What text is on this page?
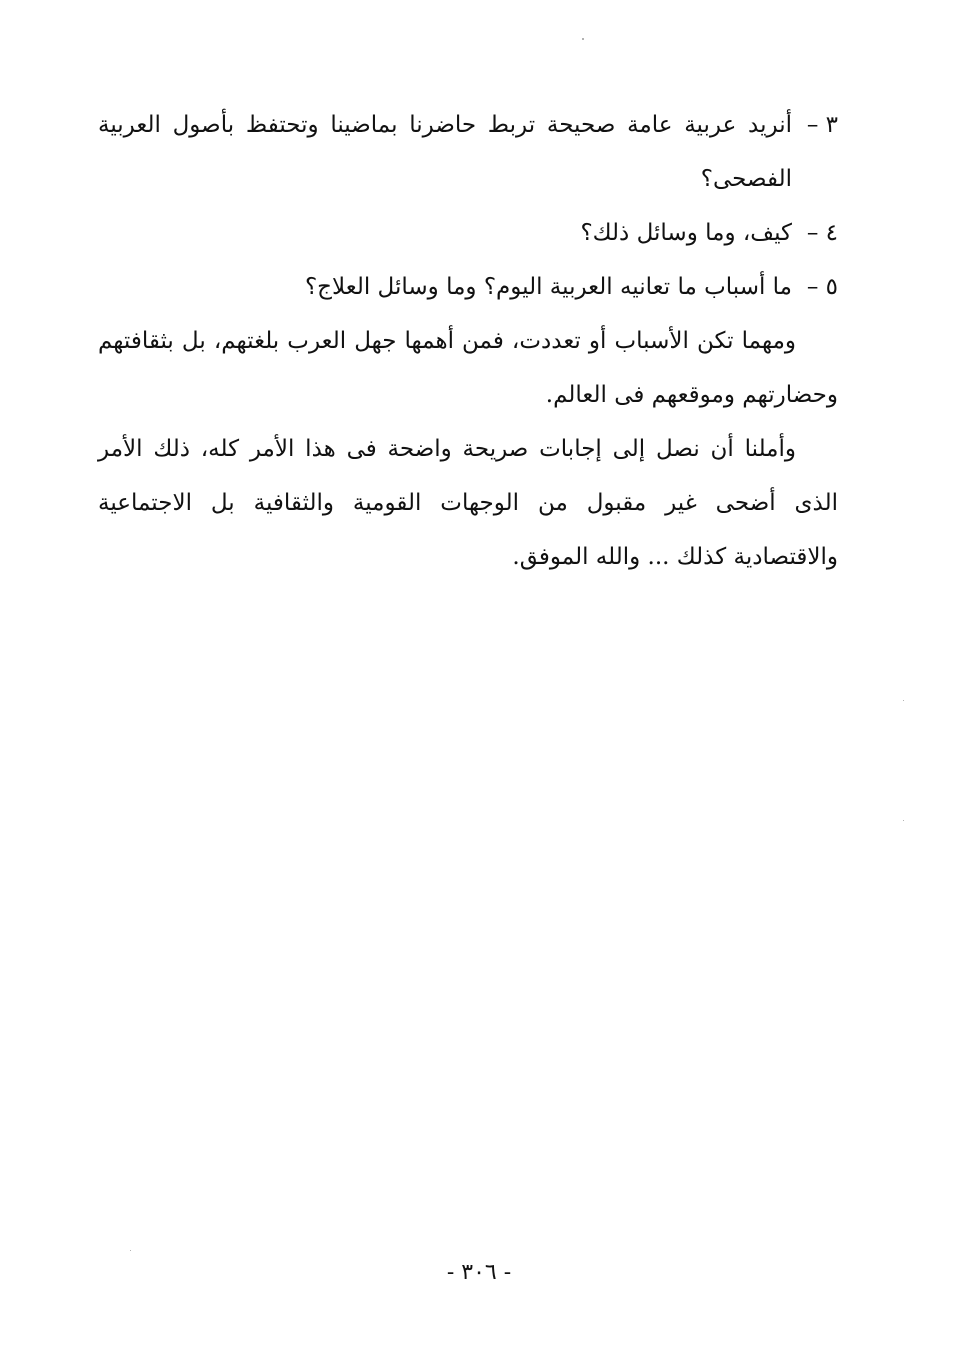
٣ –
أنريد عربية عامة صحيحة تربط حاضرنا بماضينا وتحتفظ بأصول العربية الفصحى؟

٤ –
كيف، وما وسائل ذلك؟

٥ –
ما أسباب ما تعانيه العربية اليوم؟ وما وسائل العلاج؟

ومهما تكن الأسباب أو تعددت، فمن أهمها جهل العرب بلغتهم، بل بثقافتهم وحضارتهم وموقعهم فى العالم.

وأملنا أن نصل إلى إجابات صريحة واضحة فى هذا الأمر كله، ذلك الأمر الذى أضحى غير مقبول من الوجهات القومية والثقافية بل الاجتماعية والاقتصادية كذلك ... والله الموفق.

- ٣٠٦ -
